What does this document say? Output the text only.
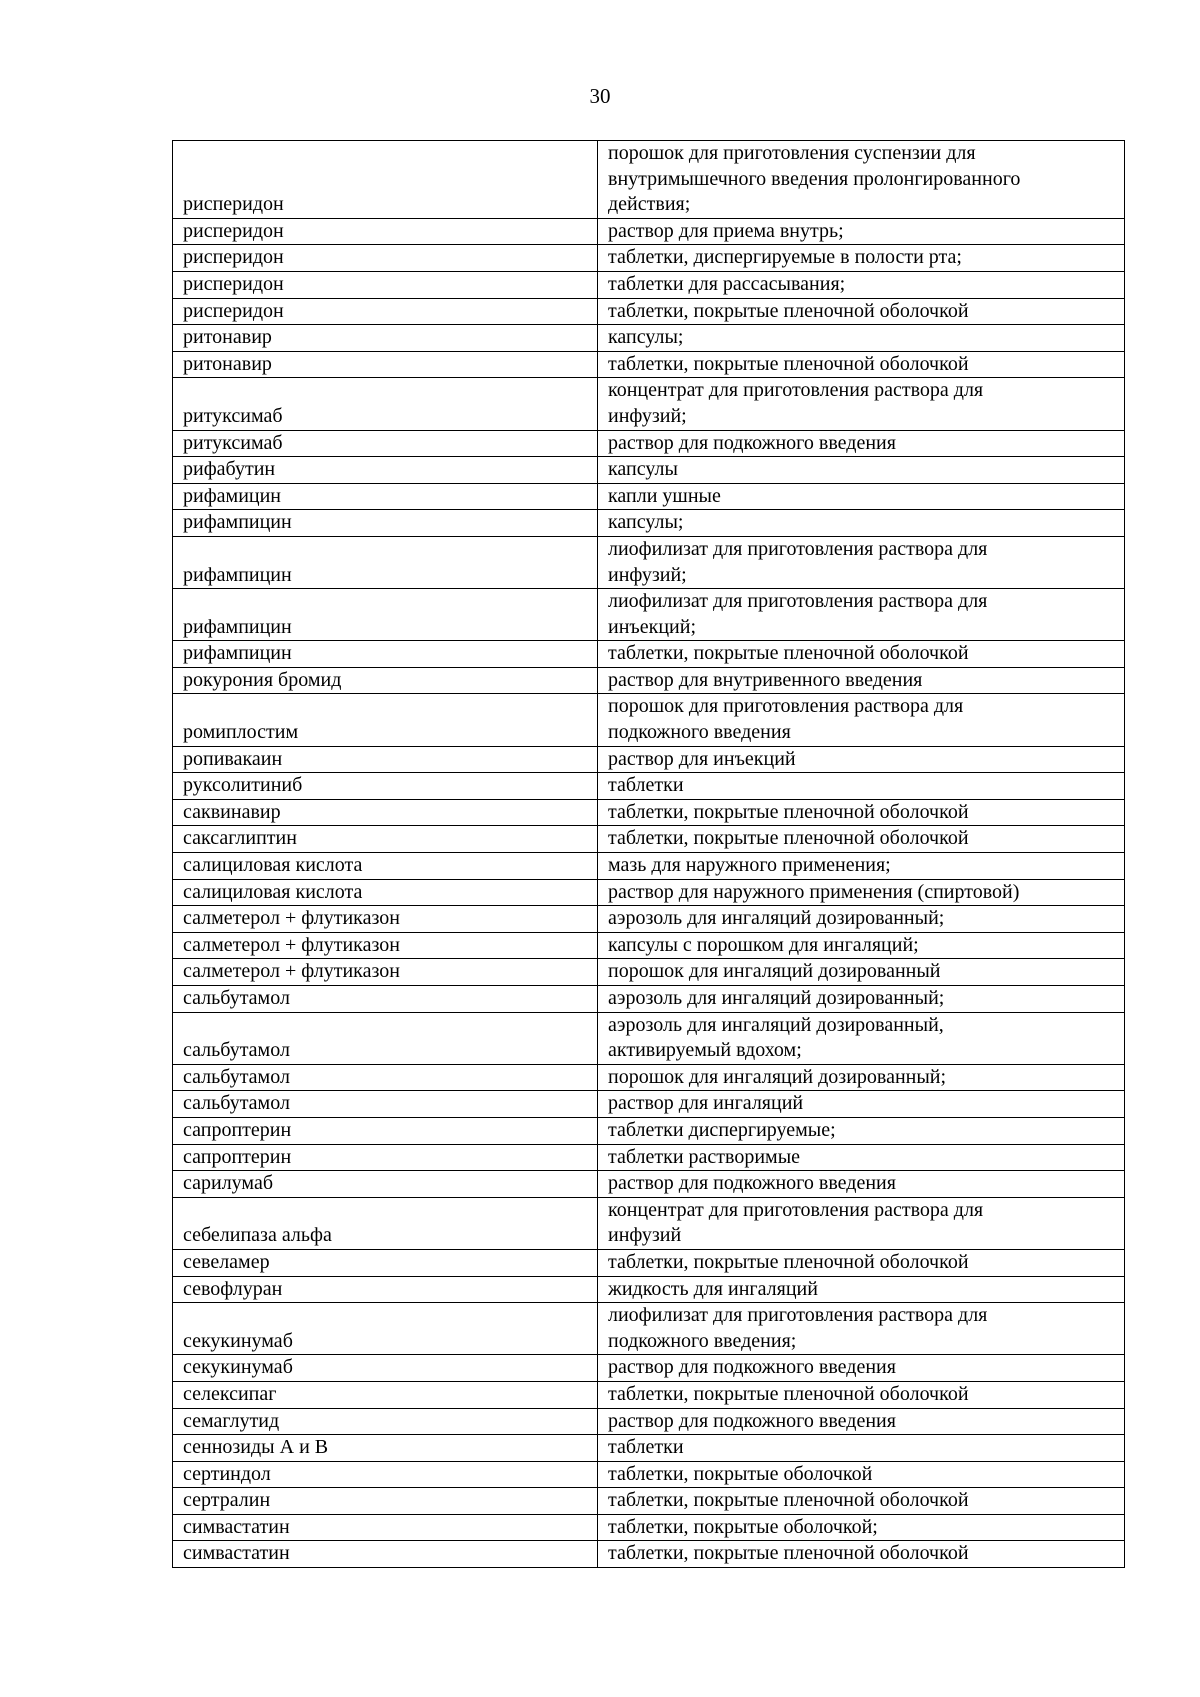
30
рисперидон	порошок для приготовления суспензии для
внутримышечного введения пролонгированного
действия;

рисперидон	раствор для приема внутрь;

рисперидон	таблетки, диспергируемые в полости рта;

рисперидон	таблетки для рассасывания;

рисперидон	таблетки, покрытые пленочной оболочкой

ритонавир	капсулы;

ритонавир	таблетки, покрытые пленочной оболочкой

ритуксимаб	концентрат для приготовления раствора для
инфузий;

ритуксимаб	раствор для подкожного введения

рифабутин	капсулы

рифамицин	капли ушные

рифампицин	капсулы;

рифампицин	лиофилизат для приготовления раствора для
инфузий;

рифампицин	лиофилизат для приготовления раствора для
инъекций;

рифампицин	таблетки, покрытые пленочной оболочкой

рокурония бромид	раствор для внутривенного введения

ромиплостим	порошок для приготовления раствора для
подкожного введения

ропивакаин	раствор для инъекций

руксолитиниб	таблетки

саквинавир	таблетки, покрытые пленочной оболочкой

саксаглиптин	таблетки, покрытые пленочной оболочкой

салициловая кислота	мазь для наружного применения;

салициловая кислота	раствор для наружного применения (спиртовой)

салметерол + флутиказон	аэрозоль для ингаляций дозированный;

салметерол + флутиказон	капсулы с порошком для ингаляций;

салметерол + флутиказон	порошок для ингаляций дозированный

сальбутамол	аэрозоль для ингаляций дозированный;

сальбутамол	аэрозоль для ингаляций дозированный,
активируемый вдохом;

сальбутамол	порошок для ингаляций дозированный;

сальбутамол	раствор для ингаляций

сапроптерин	таблетки диспергируемые;

сапроптерин	таблетки растворимые

сарилумаб	раствор для подкожного введения

себелипаза альфа	концентрат для приготовления раствора для
инфузий

севеламер	таблетки, покрытые пленочной оболочкой

севофлуран	жидкость для ингаляций

секукинумаб	лиофилизат для приготовления раствора для
подкожного введения;

секукинумаб	раствор для подкожного введения

селексипаг	таблетки, покрытые пленочной оболочкой

семаглутид	раствор для подкожного введения

сеннозиды А и В	таблетки

сертиндол	таблетки, покрытые оболочкой

сертралин	таблетки, покрытые пленочной оболочкой

симвастатин	таблетки, покрытые оболочкой;

симвастатин	таблетки, покрытые пленочной оболочкой
